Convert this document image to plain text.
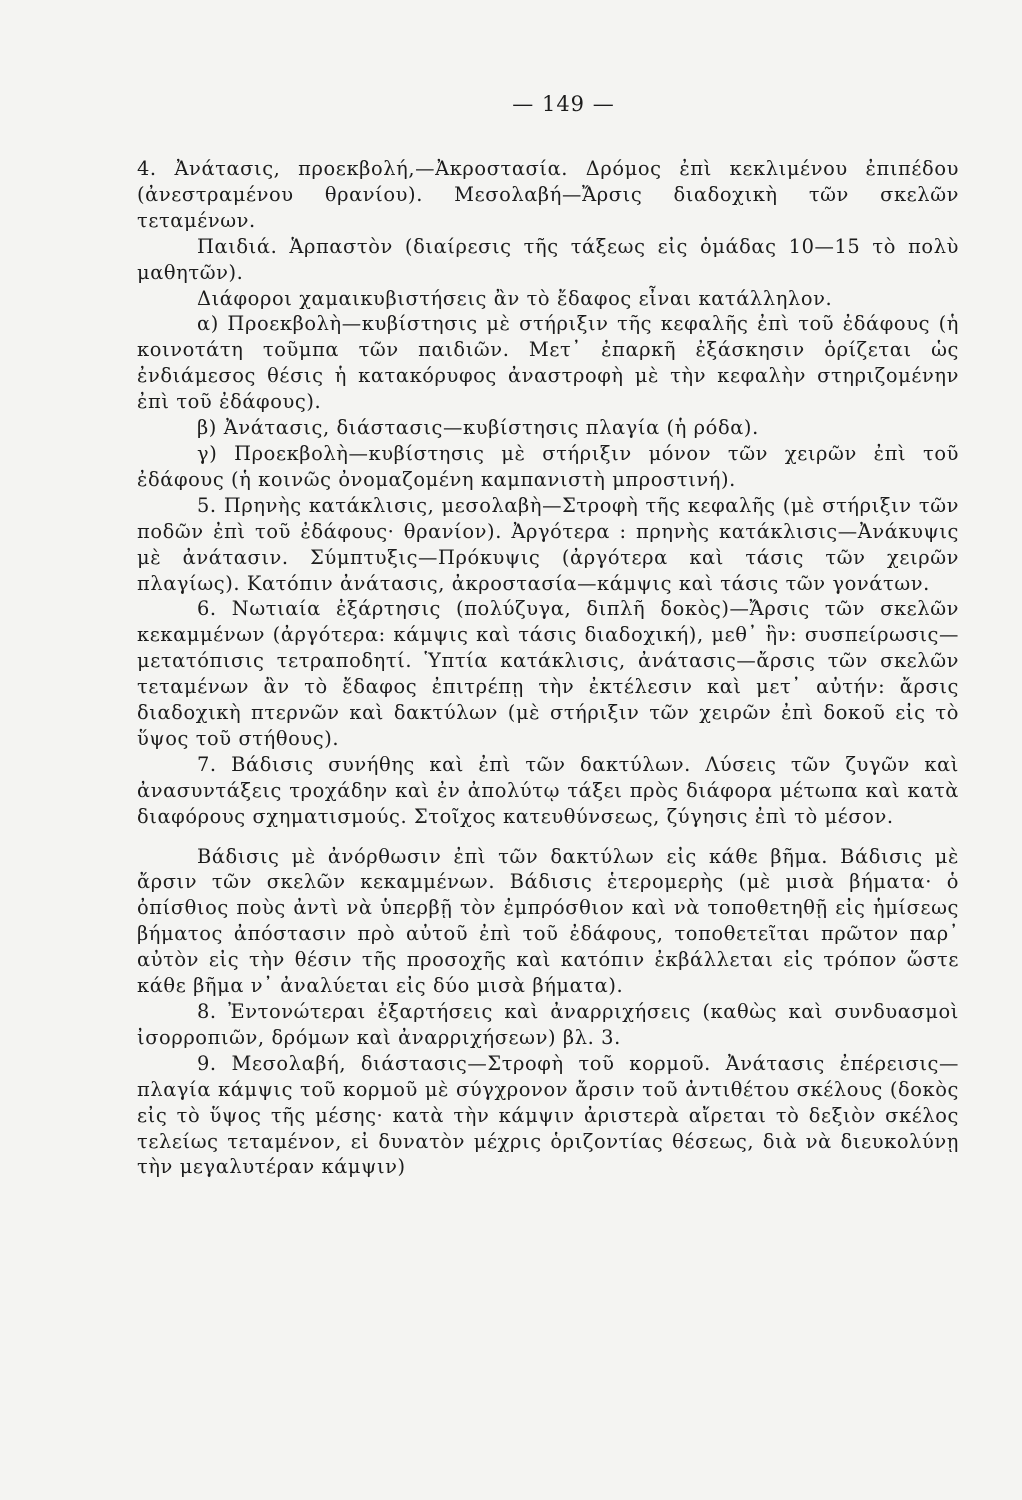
— 149 —

4. Ἀνάτασις, προεκβολή,—Ἀκροστασία. Δρόμος ἐπὶ κεκλιμένου ἐπιπέδου (ἀνεστραμένου θρανίου). Μεσολαβή—Ἄρσις διαδοχικὴ τῶν σκελῶν τεταμένων.

Παιδιά. Ἁρπαστὸν (διαίρεσις τῆς τάξεως εἰς ὁμάδας 10—15 τὸ πολὺ μαθητῶν).

Διάφοροι χαμαικυβιστήσεις ἂν τὸ ἔδαφος εἶναι κατάλληλον.

α) Προεκβολὴ—κυβίστησις μὲ στήριξιν τῆς κεφαλῆς ἐπὶ τοῦ ἐδάφους (ἡ κοινοτάτη τοῦμπα τῶν παιδιῶν. Μετ᾽ ἐπαρκῆ ἐξάσκησιν ὁρίζεται ὡς ἐνδιάμεσος θέσις ἡ κατακόρυφος ἀναστροφὴ μὲ τὴν κεφαλὴν στηριζομένην ἐπὶ τοῦ ἐδάφους).

β) Ἀνάτασις, διάστασις—κυβίστησις πλαγία (ἡ ρόδα).

γ) Προεκβολὴ—κυβίστησις μὲ στήριξιν μόνον τῶν χειρῶν ἐπὶ τοῦ ἐδάφους (ἡ κοινῶς ὀνομαζομένη καμπανιστὴ μπροστινή).

5. Πρηνὴς κατάκλισις, μεσολαβὴ—Στροφὴ τῆς κεφαλῆς (μὲ στήριξιν τῶν ποδῶν ἐπὶ τοῦ ἐδάφους· θρανίον). Ἀργότερα : πρηνὴς κατάκλισις—Ἀνάκυψις μὲ ἀνάτασιν. Σύμπτυξις—Πρόκυψις (ἀργότερα καὶ τάσις τῶν χειρῶν πλαγίως). Κατόπιν ἀνάτασις, ἀκροστασία—κάμψις καὶ τάσις τῶν γονάτων.

6. Νωτιαία ἐξάρτησις (πολύζυγα, διπλῆ δοκὸς)—Ἄρσις τῶν σκελῶν κεκαμμένων (ἀργότερα: κάμψις καὶ τάσις διαδοχική), μεθ᾽ ἣν: συσπείρωσις—μετατόπισις τετραποδητί. Ὑπτία κατάκλισις, ἀνάτασις—ἄρσις τῶν σκελῶν τεταμένων ἂν τὸ ἔδαφος ἐπιτρέπῃ τὴν ἐκτέλεσιν καὶ μετ᾽ αὐτήν: ἄρσις διαδοχικὴ πτερνῶν καὶ δακτύλων (μὲ στήριξιν τῶν χειρῶν ἐπὶ δοκοῦ εἰς τὸ ὕψος τοῦ στήθους).

7. Βάδισις συνήθης καὶ ἐπὶ τῶν δακτύλων. Λύσεις τῶν ζυγῶν καὶ ἀνασυντάξεις τροχάδην καὶ ἐν ἀπολύτῳ τάξει πρὸς διάφορα μέτωπα καὶ κατὰ διαφόρους σχηματισμούς. Στοῖχος κατευθύνσεως, ζύγησις ἐπὶ τὸ μέσον.

Βάδισις μὲ ἀνόρθωσιν ἐπὶ τῶν δακτύλων εἰς κάθε βῆμα. Βάδισις μὲ ἄρσιν τῶν σκελῶν κεκαμμένων. Βάδισις ἑτερομερὴς (μὲ μισὰ βήματα· ὁ ὀπίσθιος ποὺς ἀντὶ νὰ ὑπερβῇ τὸν ἐμπρόσθιον καὶ νὰ τοποθετηθῇ εἰς ἡμίσεως βήματος ἀπόστασιν πρὸ αὐτοῦ ἐπὶ τοῦ ἐδάφους, τοποθετεῖται πρῶτον παρ᾽ αὐτὸν εἰς τὴν θέσιν τῆς προσοχῆς καὶ κατόπιν ἐκβάλλεται εἰς τρόπον ὥστε κάθε βῆμα ν᾽ ἀναλύεται εἰς δύο μισὰ βήματα).

8. Ἐντονώτεραι ἐξαρτήσεις καὶ ἀναρριχήσεις (καθὼς καὶ συνδυασμοὶ ἰσορροπιῶν, δρόμων καὶ ἀναρριχήσεων) βλ. 3.

9. Μεσολαβή, διάστασις—Στροφὴ τοῦ κορμοῦ. Ἀνάτασις ἐπέρεισις—πλαγία κάμψις τοῦ κορμοῦ μὲ σύγχρονον ἄρσιν τοῦ ἀντιθέτου σκέλους (δοκὸς εἰς τὸ ὕψος τῆς μέσης· κατὰ τὴν κάμψιν ἀριστερὰ αἴρεται τὸ δεξιὸν σκέλος τελείως τεταμένον, εἰ δυνατὸν μέχρις ὁριζοντίας θέσεως, διὰ νὰ διευκολύνῃ τὴν μεγαλυτέραν κάμψιν)
